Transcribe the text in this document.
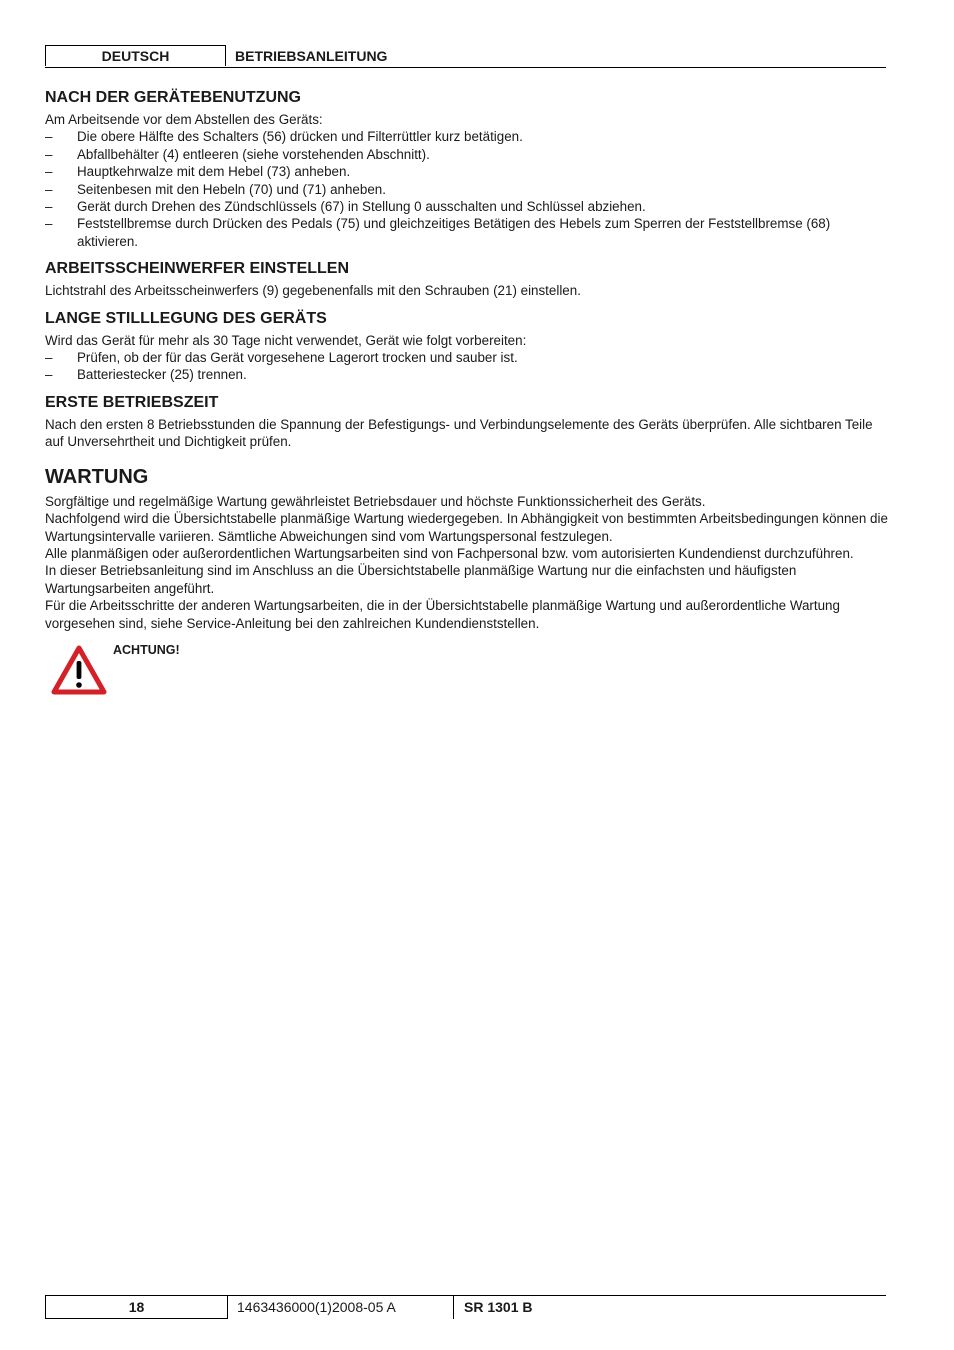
DEUTSCH	BETRIEBSANLEITUNG
NACH DER GERÄTEBENUTZUNG

Am Arbeitsende vor dem Abstellen des Geräts:

– Die obere Hälfte des Schalters (56) drücken und Filterrüttler kurz betätigen.
– Abfallbehälter (4) entleeren (siehe vorstehenden Abschnitt).
– Hauptkehrwalze mit dem Hebel (73) anheben.
– Seitenbesen mit den Hebeln (70) und (71) anheben.
– Gerät durch Drehen des Zündschlüssels (67) in Stellung 0 ausschalten und Schlüssel abziehen.
– Feststellbremse durch Drücken des Pedals (75) und gleichzeitiges Betätigen des Hebels zum Sperren der Feststellbremse (68) aktivieren.
ARBEITSSCHEINWERFER EINSTELLEN

Lichtstrahl des Arbeitsscheinwerfers (9) gegebenenfalls mit den Schrauben (21) einstellen.

LANGE STILLLEGUNG DES GERÄTS

Wird das Gerät für mehr als 30 Tage nicht verwendet, Gerät wie folgt vorbereiten:

– Prüfen, ob der für das Gerät vorgesehene Lagerort trocken und sauber ist.
– Batteriestecker (25) trennen.
ERSTE BETRIEBSZEIT

Nach den ersten 8 Betriebsstunden die Spannung der Befestigungs- und Verbindungselemente des Geräts überprüfen. Alle sichtbaren Teile auf Unversehrtheit und Dichtigkeit prüfen.

WARTUNG

Sorgfältige und regelmäßige Wartung gewährleistet Betriebsdauer und höchste Funktionssicherheit des Geräts.

Nachfolgend wird die Übersichtstabelle planmäßige Wartung wiedergegeben. In Abhängigkeit von bestimmten Arbeitsbedingungen können die Wartungsintervalle variieren. Sämtliche Abweichungen sind vom Wartungspersonal festzulegen.

Alle planmäßigen oder außerordentlichen Wartungsarbeiten sind von Fachpersonal bzw. vom autorisierten Kundendienst durchzuführen.

In dieser Betriebsanleitung sind im Anschluss an die Übersichtstabelle planmäßige Wartung nur die einfachsten und häufigsten Wartungsarbeiten angeführt.

Für die Arbeitsschritte der anderen Wartungsarbeiten, die in der Übersichtstabelle planmäßige Wartung und außerordentliche Wartung vorgesehen sind, siehe Service-Anleitung bei den zahlreichen Kundendienststellen.

ACHTUNG!
18	1463436000(1)2008-05 A	SR 1301 B
